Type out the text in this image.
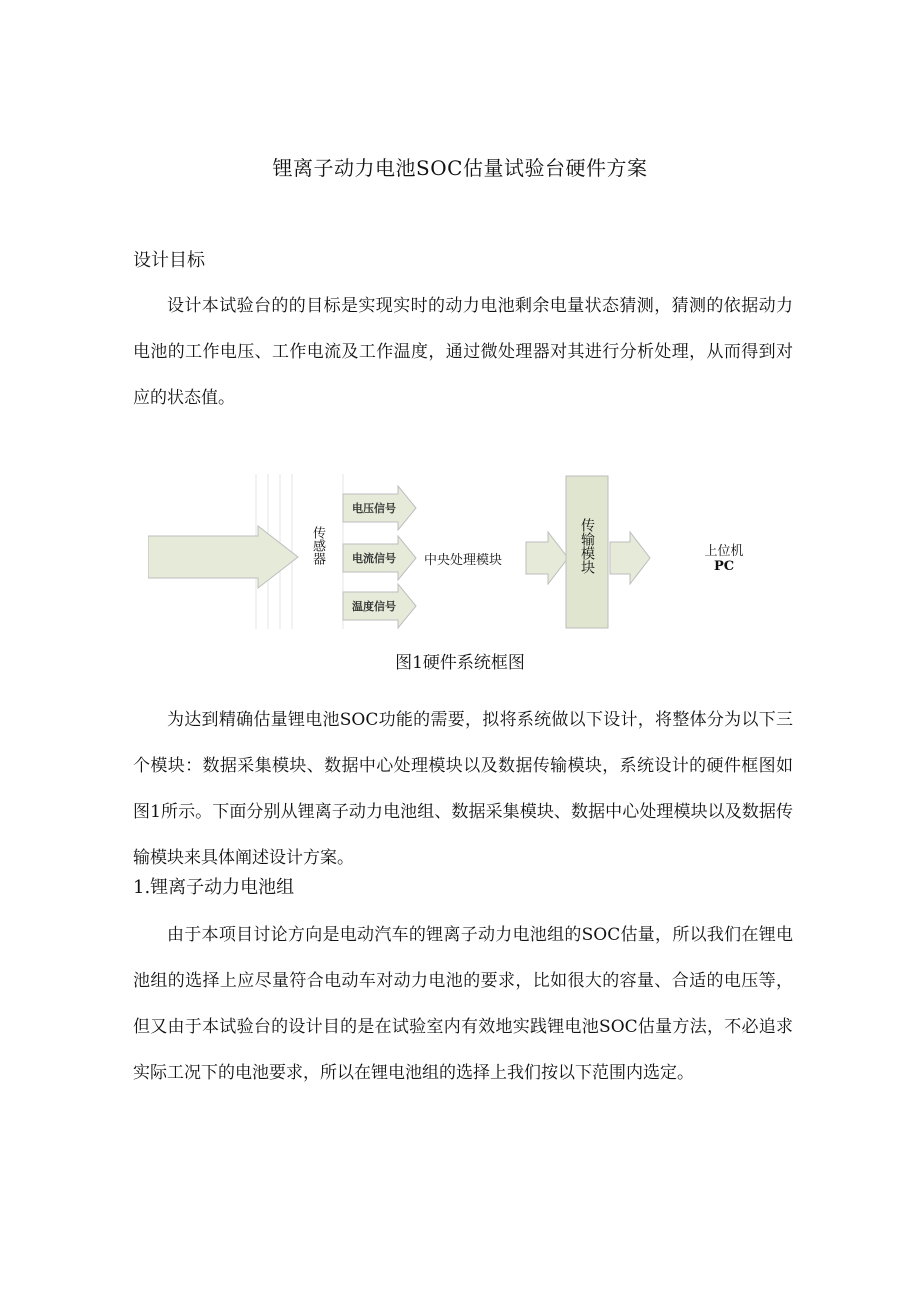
锂离子动力电池SOC估量试验台硬件方案
设计目标
设计本试验台的的目标是实现实时的动力电池剩余电量状态猜测，猜测的依据动力电池的工作电压、工作电流及工作温度，通过微处理器对其进行分析处理，从而得到对应的状态值。
传感器
电压信号
电流信号
温度信号
中央处理模块	传输模块	上位机
PC
图1硬件系统框图
为达到精确估量锂电池SOC功能的需要，拟将系统做以下设计，将整体分为以下三个模块：数据采集模块、数据中心处理模块以及数据传输模块，系统设计的硬件框图如图1所示。下面分别从锂离子动力电池组、数据采集模块、数据中心处理模块以及数据传输模块来具体阐述设计方案。
1.锂离子动力电池组
由于本项目讨论方向是电动汽车的锂离子动力电池组的SOC估量，所以我们在锂电池组的选择上应尽量符合电动车对动力电池的要求，比如很大的容量、合适的电压等，但又由于本试验台的设计目的是在试验室内有效地实践锂电池SOC估量方法，不必追求实际工况下的电池要求，所以在锂电池组的选择上我们按以下范围内选定。
